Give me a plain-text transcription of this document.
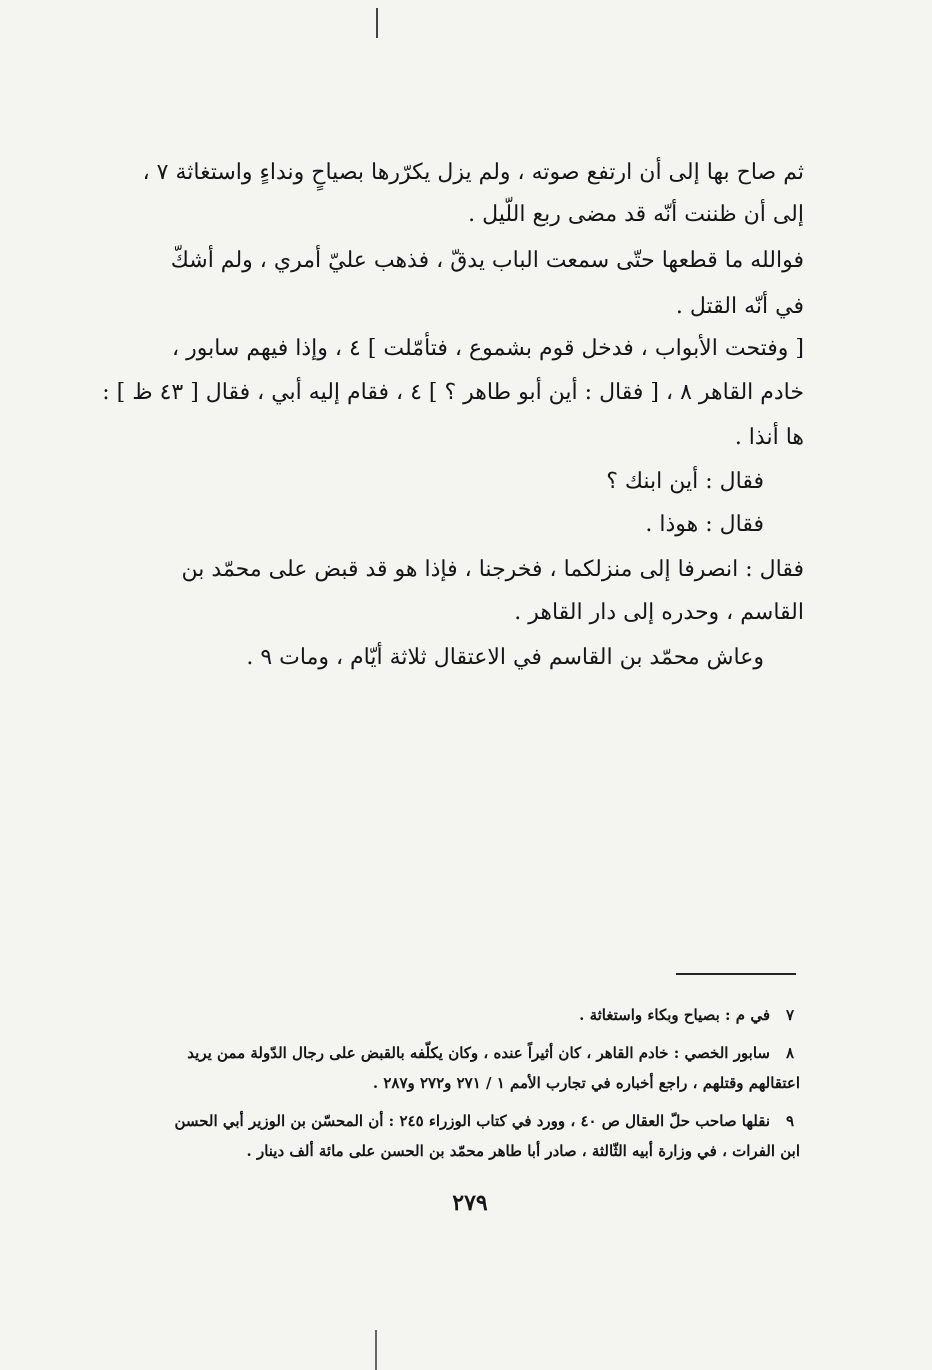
ثم صاح بها إلى أن ارتفع صوته ، ولم يزل يكرّرها بصياحٍ ونداءٍ واستغاثة ٧ ،
إلى أن ظننت أنّه قد مضى ربع اللّيل .
فوالله ما قطعها حتّى سمعت الباب يدقّ ، فذهب عليّ أمري ، ولم أشكّ
في أنّه القتل .
[ وفتحت الأبواب ، فدخل قوم بشموع ، فتأمّلت ] ٤ ، وإذا فيهم سابور ،
خادم القاهر ٨ ، [ فقال : أين أبو طاهر ؟ ] ٤ ، فقام إليه أبي ، فقال [ ٤٣ ظ ] :
ها أنذا .
فقال : أين ابنك ؟
فقال : هوذا .
فقال : انصرفا إلى منزلكما ، فخرجنا ، فإذا هو قد قبض على محمّد بن
القاسم ، وحدره إلى دار القاهر .
وعاش محمّد بن القاسم في الاعتقال ثلاثة أيّام ، ومات ٩ .
٧
في م : بصياح وبكاء واستغاثة .
٨
سابور الخصي : خادم القاهر ، كان أثيراً عنده ، وكان يكلّفه بالقبض على رجال الدّولة ممن يريد
اعتقالهم وقتلهم ، راجع أخباره في تجارب الأمم ١ / ٢٧١ و٢٧٢ و٢٨٧ .
٩
نقلها صاحب حلّ العقال ص ٤٠ ، وورد في كتاب الوزراء ٢٤٥ : أن المحسّن بن الوزير أبي الحسن
ابن الفرات ، في وزارة أبيه الثّالثة ، صادر أبا طاهر محمّد بن الحسن على مائة ألف دينار .
٢٧٩
